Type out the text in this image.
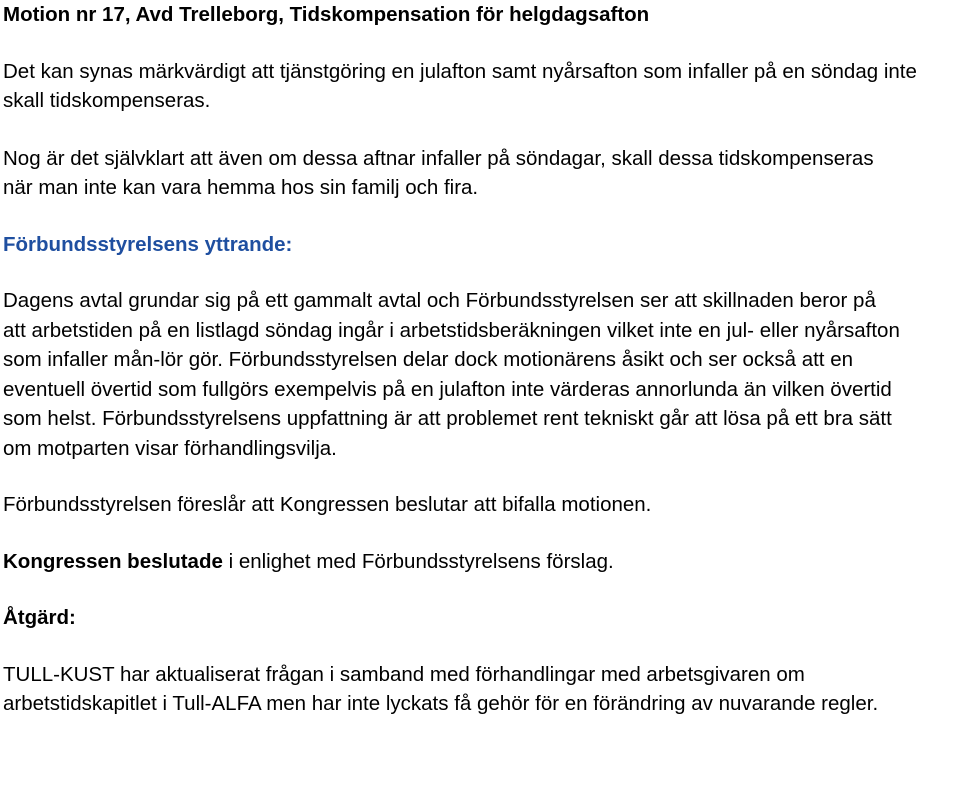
Motion nr 17, Avd Trelleborg, Tidskompensation för helgdagsafton

Det kan synas märkvärdigt att tjänstgöring en julafton samt nyårsafton som infaller på en söndag inte skall tidskompenseras.

Nog är det självklart att även om dessa aftnar infaller på söndagar, skall dessa tidskompenseras när man inte kan vara hemma hos sin familj och fira.

Förbundsstyrelsens yttrande:

Dagens avtal grundar sig på ett gammalt avtal och Förbundsstyrelsen ser att skillnaden beror på att arbetstiden på en listlagd söndag ingår i arbetstidsberäkningen vilket inte en jul- eller nyårsafton som infaller mån-lör gör. Förbundsstyrelsen delar dock motionärens åsikt och ser också att en eventuell övertid som fullgörs exempelvis på en julafton inte värderas annorlunda än vilken övertid som helst. Förbundsstyrelsens uppfattning är att problemet rent tekniskt går att lösa på ett bra sätt om motparten visar förhandlingsvilja.

Förbundsstyrelsen föreslår att Kongressen beslutar att bifalla motionen.

Kongressen beslutade i enlighet med Förbundsstyrelsens förslag.

Åtgärd:

TULL-KUST har aktualiserat frågan i samband med förhandlingar med arbetsgivaren om arbetstidskapitlet i Tull-ALFA men har inte lyckats få gehör för en förändring av nuvarande regler.
